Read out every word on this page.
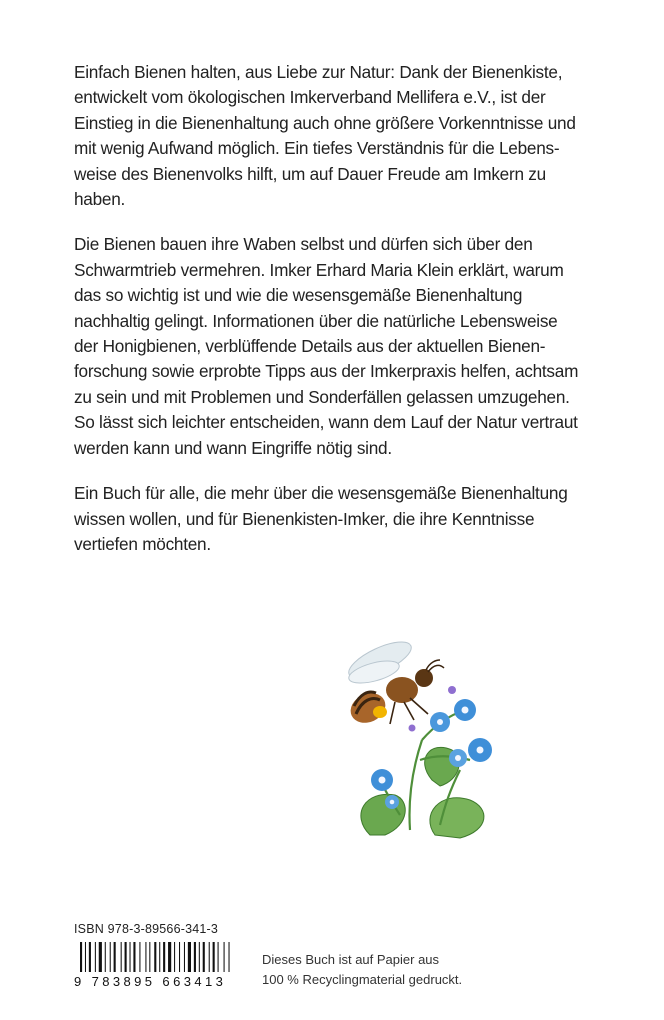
Einfach Bienen halten, aus Liebe zur Natur: Dank der Bienenkiste,
entwickelt vom ökologischen Imkerverband Mellifera e.V., ist der
Einstieg in die Bienenhaltung auch ohne größere Vorkenntnisse und
mit wenig Aufwand möglich. Ein tiefes Verständnis für die Lebens-
weise des Bienenvolks hilft, um auf Dauer Freude am Imkern zu
haben.

Die Bienen bauen ihre Waben selbst und dürfen sich über den
Schwarmtrieb vermehren. Imker Erhard Maria Klein erklärt, warum
das so wichtig ist und wie die wesensgemäße Bienenhaltung
nachhaltig gelingt. Informationen über die natürliche Lebensweise
der Honigbienen, verblüffende Details aus der aktuellen Bienen-
forschung sowie erprobte Tipps aus der Imkerpraxis helfen, achtsam
zu sein und mit Problemen und Sonderfällen gelassen umzugehen.
So lässt sich leichter entscheiden, wann dem Lauf der Natur vertraut
werden kann und wann Eingriffe nötig sind.

Ein Buch für alle, die mehr über die wesensgemäße Bienenhaltung
wissen wollen, und für Bienenkisten-Imker, die ihre Kenntnisse
vertiefen möchten.

ISBN 978-3-89566-341-3
9 783895 663413
Dieses Buch ist auf Papier aus
100 % Recyclingmaterial gedruckt.
